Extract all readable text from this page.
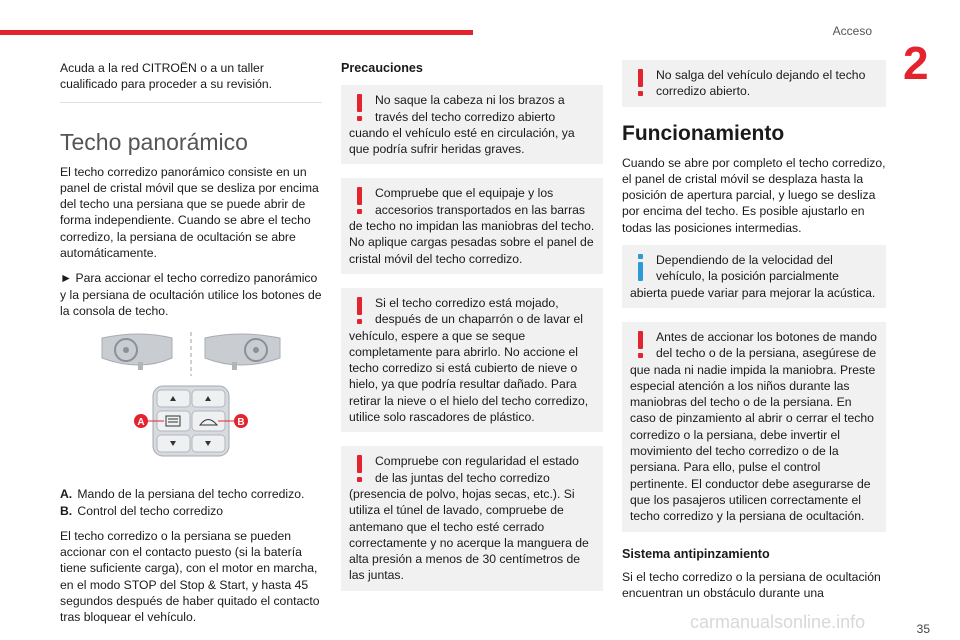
Acceso
2

Acuda a la red CITROËN o a un taller cualificado para proceder a su revisión.

Techo panorámico

El techo corredizo panorámico consiste en un panel de cristal móvil que se desliza por encima del techo una persiana que se puede abrir de forma independiente. Cuando se abre el techo corredizo, la persiana de ocultación se abre automáticamente.

► Para accionar el techo corredizo panorámico y la persiana de ocultación utilice los botones de la consola de techo.

A	B

A. Mando de la persiana del techo corredizo.

B. Control del techo corredizo

El techo corredizo o la persiana se pueden accionar con el contacto puesto (si la batería tiene suficiente carga), con el motor en marcha, en el modo STOP del Stop & Start, y hasta 45 segundos después de haber quitado el contacto tras bloquear el vehículo.

Precauciones
No saque la cabeza ni los brazos a través del techo corredizo abierto cuando el vehículo esté en circulación, ya que podría sufrir heridas graves.
Compruebe que el equipaje y los accesorios transportados en las barras de techo no impidan las maniobras del techo. No aplique cargas pesadas sobre el panel de cristal móvil del techo corredizo.
Si el techo corredizo está mojado, después de un chaparrón o de lavar el vehículo, espere a que se seque completamente para abrirlo. No accione el techo corredizo si está cubierto de nieve o hielo, ya que podría resultar dañado. Para retirar la nieve o el hielo del techo corredizo, utilice solo rascadores de plástico.
Compruebe con regularidad el estado de las juntas del techo corredizo (presencia de polvo, hojas secas, etc.). Si utiliza el túnel de lavado, compruebe de antemano que el techo esté cerrado correctamente y no acerque la manguera de alta presión a menos de 30 centímetros de las juntas.
No salga del vehículo dejando el techo corredizo abierto.
Funcionamiento

Cuando se abre por completo el techo corredizo, el panel de cristal móvil se desplaza hasta la posición de apertura parcial, y luego se desliza por encima del techo. Es posible ajustarlo en todas las posiciones intermedias.

Dependiendo de la velocidad del vehículo, la posición parcialmente abierta puede variar para mejorar la acústica.
Antes de accionar los botones de mando del techo o de la persiana, asegúrese de que nada ni nadie impida la maniobra. Preste especial atención a los niños durante las maniobras del techo o de la persiana. En caso de pinzamiento al abrir o cerrar el techo corredizo o la persiana, debe invertir el movimiento del techo corredizo o de la persiana. Para ello, pulse el control pertinente. El conductor debe asegurarse de que los pasajeros utilicen correctamente el techo corredizo y la persiana de ocultación.
Sistema antipinzamiento

Si el techo corredizo o la persiana de ocultación encuentran un obstáculo durante una

carmanualsonline.info	35
